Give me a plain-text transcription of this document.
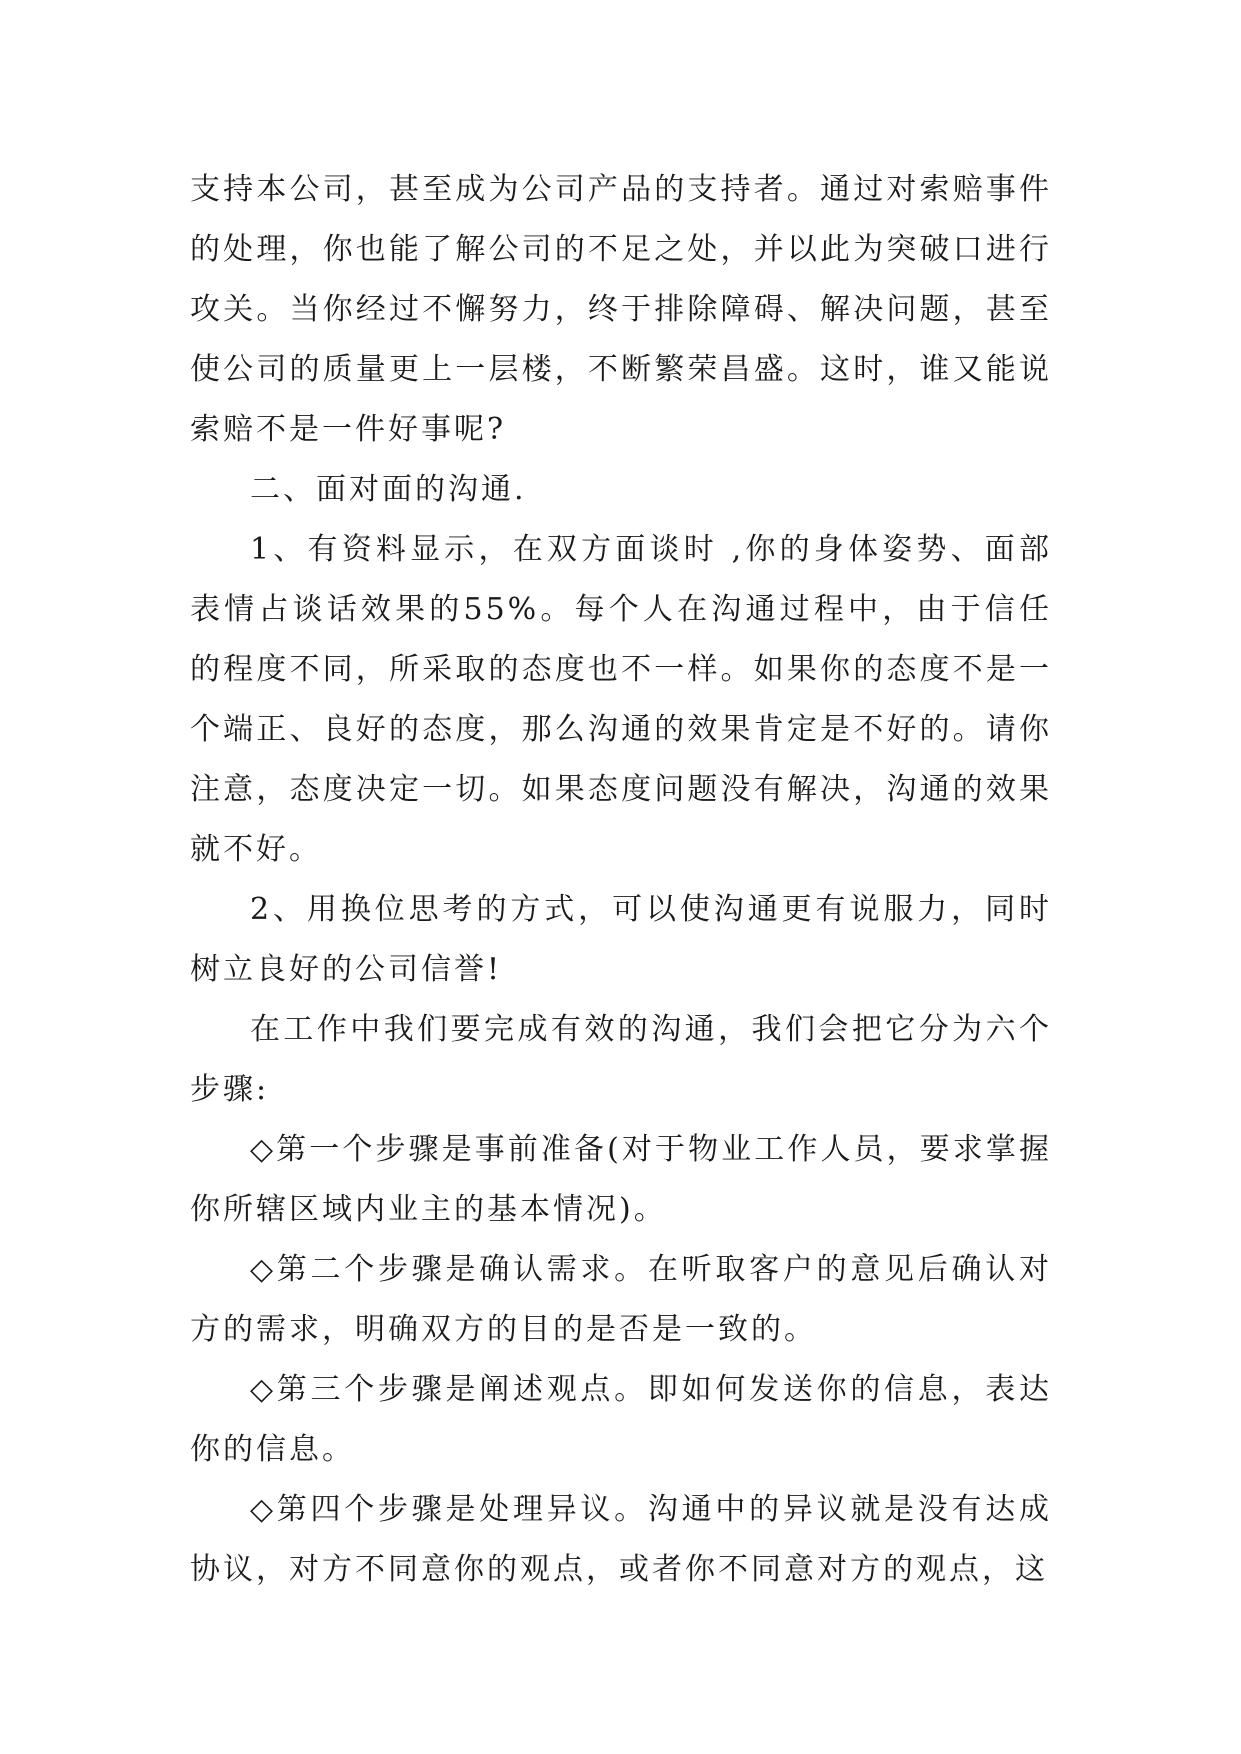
支持本公司，甚至成为公司产品的支持者。通过对索赔事件的处理，你也能了解公司的不足之处，并以此为突破口进行攻关。当你经过不懈努力，终于排除障碍、解决问题，甚至使公司的质量更上一层楼，不断繁荣昌盛。这时，谁又能说索赔不是一件好事呢?

二、面对面的沟通.

1、有资料显示，在双方面谈时 ,你的身体姿势、面部表情占谈话效果的55%。每个人在沟通过程中，由于信任的程度不同，所采取的态度也不一样。如果你的态度不是一个端正、良好的态度，那么沟通的效果肯定是不好的。请你注意，态度决定一切。如果态度问题没有解决，沟通的效果就不好。

2、用换位思考的方式，可以使沟通更有说服力，同时树立良好的公司信誉!

在工作中我们要完成有效的沟通，我们会把它分为六个步骤:

◇第一个步骤是事前准备(对于物业工作人员，要求掌握你所辖区域内业主的基本情况)。

◇第二个步骤是确认需求。在听取客户的意见后确认对方的需求，明确双方的目的是否是一致的。

◇第三个步骤是阐述观点。即如何发送你的信息，表达你的信息。

◇第四个步骤是处理异议。沟通中的异议就是没有达成协议，对方不同意你的观点，或者你不同意对方的观点，这
